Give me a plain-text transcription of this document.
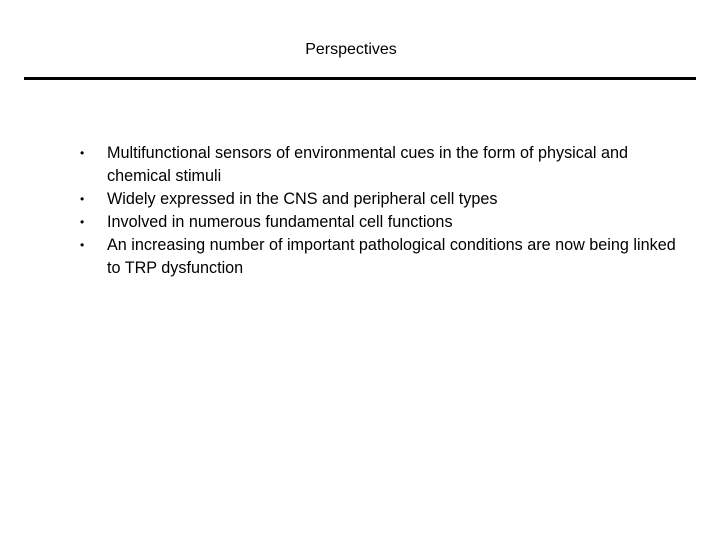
Perspectives
•	Multifunctional sensors of environmental cues in the form of physical and chemical stimuli
•	Widely expressed in the CNS and peripheral cell types
•	Involved in numerous fundamental cell functions
•	An increasing number of important pathological conditions are now being linked to TRP dysfunction
